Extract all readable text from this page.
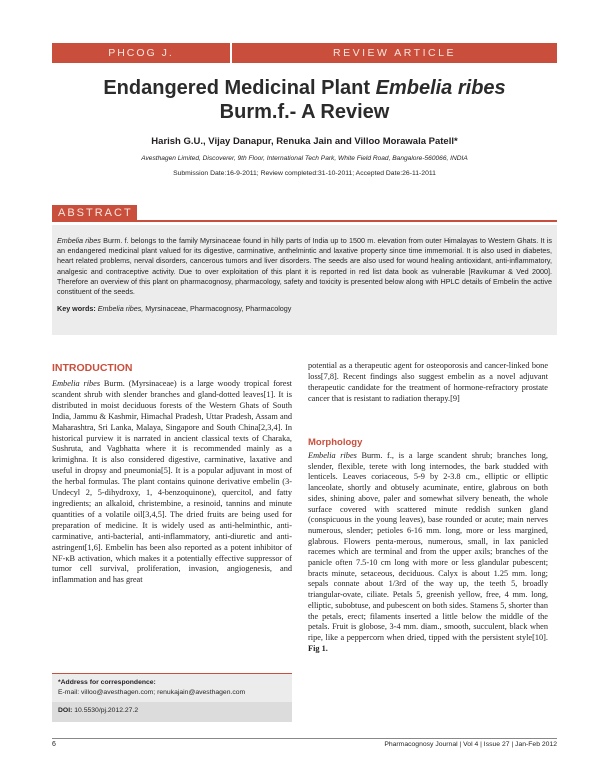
PHCOG J.	REVIEW ARTICLE
Endangered Medicinal Plant Embelia ribes
Burm.f.- A Review
Harish G.U., Vijay Danapur, Renuka Jain and Villoo Morawala Patell*
Avesthagen Limited, Discoverer, 9th Floor, International Tech Park, White Field Road, Bangalore-560066, INDIA
Submission Date:16-9-2011; Review completed:31-10-2011; Accepted Date:26-11-2011
ABSTRACT

Embelia ribes Burm. f. belongs to the family Myrsinaceae found in hilly parts of India up to 1500 m. elevation from outer Himalayas to Western Ghats. It is an endangered medicinal plant valued for its digestive, carminative, anthelmintic and laxative property since time immemorial. It is also used in diabetes, heart related problems, nerval disorders, cancerous tumors and liver disorders. The seeds are also used for wound healing antioxidant, anti-inflammatory, analgesic and contraceptive activity. Due to over exploitation of this plant it is reported in red list data book as vulnerable [Ravikumar & Ved 2000]. Therefore an overview of this plant on pharmacognosy, pharmacology, safety and toxicity is presented below along with HPLC details of Embelin the active constituent of the seeds.

Key words: Embelia ribes, Myrsinaceae, Pharmacognosy, Pharmacology

INTRODUCTION
Embelia ribes Burm. (Myrsinaceae) is a large woody tropical forest scandent shrub with slender branches and gland-dotted leaves[1]. It is distributed in moist deciduous forests of the Western Ghats of South India, Jammu & Kashmir, Himachal Pradesh, Uttar Pradesh, Assam and Maharashtra, Sri Lanka, Malaya, Singapore and South China[2,3,4]. In historical purview it is narrated in ancient classical texts of Charaka, Sushruta, and Vagbhatta where it is recommended mainly as a krimighna. It is also considered digestive, carminative, laxative and useful in dropsy and pneumonia[5]. It is a popular adjuvant in most of the herbal formulas. The plant contains quinone derivative embelin (3-Undecyl 2, 5-dihydroxy, 1, 4-benzoquinone), quercitol, and fatty ingredients; an alkaloid, christembine, a resinoid, tannins and minute quantities of a volatile oil[3,4,5]. The dried fruits are being used for preparation of medicine. It is widely used as anti-helminthic, anti-carminative, anti-bacterial, anti-inflammatory, anti-diuretic and anti-astringent[1,6]. Embelin has been also reported as a potent inhibitor of NF-κB activation, which makes it a potentially effective suppressor of tumor cell survival, proliferation, invasion, angiogenesis, and inflammation and has great
potential as a therapeutic agent for osteoporosis and cancer-linked bone loss[7,8]. Recent findings also suggest embelin as a novel adjuvant therapeutic candidate for the treatment of hormone-refractory prostate cancer that is resistant to radiation therapy.[9]
Morphology
Embelia ribes Burm. f., is a large scandent shrub; branches long, slender, flexible, terete with long internodes, the bark studded with lenticels. Leaves coriaceous, 5-9 by 2-3.8 cm., elliptic or elliptic lanceolate, shortly and obtusely acuminate, entire, glabrous on both sides, shining above, paler and somewhat silvery beneath, the whole surface covered with scattered minute reddish sunken gland (conspicuous in the young leaves), base rounded or acute; main nerves numerous, slender; petioles 6-16 mm. long, more or less margined, glabrous. Flowers penta-merous, numerous, small, in lax panicled racemes which are terminal and from the upper axils; branches of the panicle often 7.5-10 cm long with more or less glandular pubescent; bracts minute, setaceous, deciduous. Calyx is about 1.25 mm. long; sepals connate about 1/3rd of the way up, the teeth 5, broadly triangular-ovate, ciliate. Petals 5, greenish yellow, free, 4 mm. long, elliptic, subobtuse, and pubescent on both sides. Stamens 5, shorter than the petals, erect; filaments inserted a little below the middle of the petals. Fruit is globose, 3-4 mm. diam., smooth, succulent, black when ripe, like a peppercorn when dried, tipped with the persistent style[10]. Fig 1.
*Address for correspondence:
E-mail: villoo@avesthagen.com; renukajain@avesthagen.com
DOI: 10.5530/pj.2012.27.2
6	Pharmacognosy Journal | Vol 4 | Issue 27 | Jan-Feb 2012
